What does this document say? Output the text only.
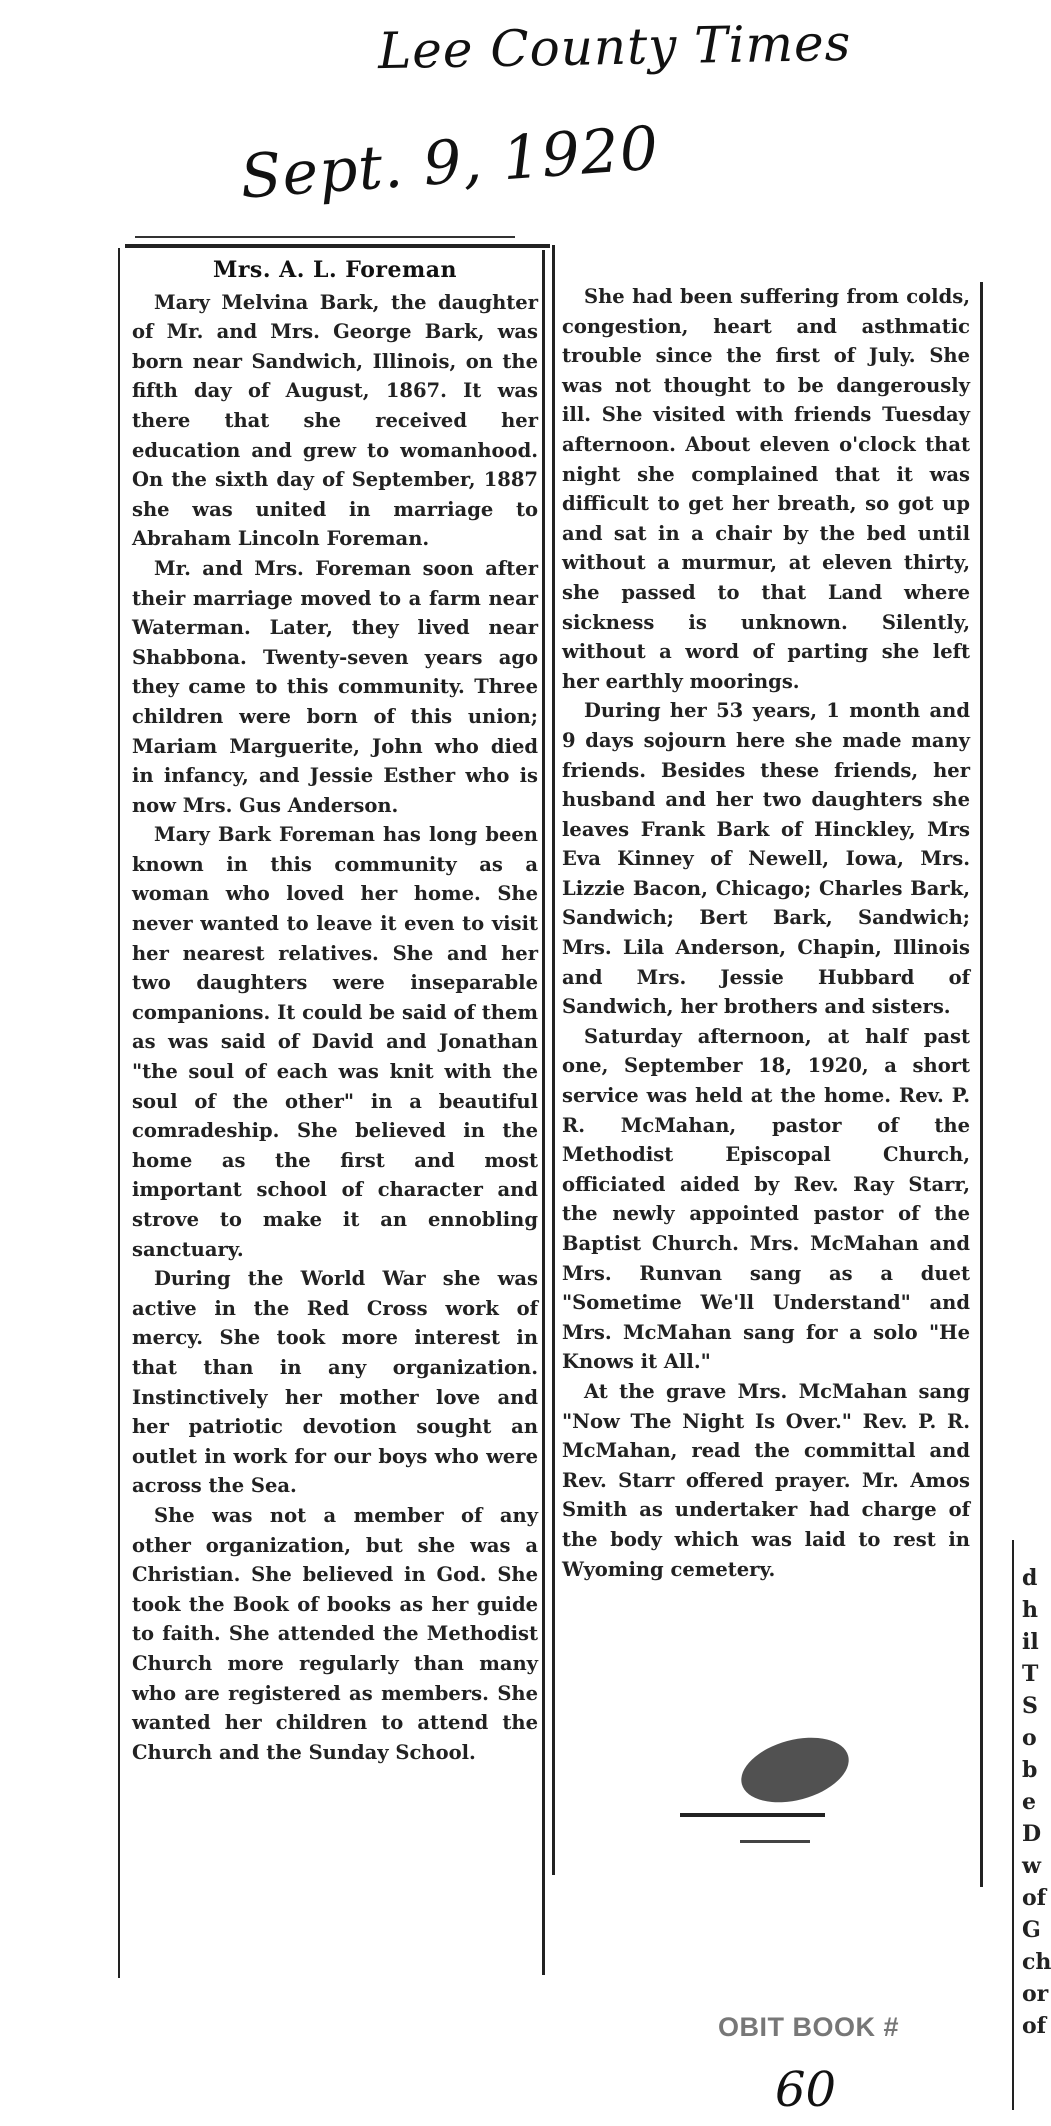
Lee County Times
Sept. 9, 1920

Mrs. A. L. Foreman

Mary Melvina Bark, the daughter of Mr. and Mrs. George Bark, was born near Sandwich, Illinois, on the fifth day of August, 1867. It was there that she received her education and grew to womanhood. On the sixth day of September, 1887 she was united in marriage to Abraham Lincoln Foreman.

Mr. and Mrs. Foreman soon after their marriage moved to a farm near Waterman. Later, they lived near Shabbona. Twenty-seven years ago they came to this community. Three children were born of this union; Mariam Marguerite, John who died in infancy, and Jessie Esther who is now Mrs. Gus Anderson.

Mary Bark Foreman has long been known in this community as a woman who loved her home. She never wanted to leave it even to visit her nearest relatives. She and her two daughters were inseparable companions. It could be said of them as was said of David and Jonathan "the soul of each was knit with the soul of the other" in a beautiful comradeship. She believed in the home as the first and most important school of character and strove to make it an ennobling sanctuary.

During the World War she was active in the Red Cross work of mercy. She took more interest in that than in any organization. Instinctively her mother love and her patriotic devotion sought an outlet in work for our boys who were across the Sea.

She was not a member of any other organization, but she was a Christian. She believed in God. She took the Book of books as her guide to faith. She attended the Methodist Church more regularly than many who are registered as members. She wanted her children to attend the Church and the Sunday School.

She had been suffering from colds, congestion, heart and asthmatic trouble since the first of July. She was not thought to be dangerously ill. She visited with friends Tuesday afternoon. About eleven o'clock that night she complained that it was difficult to get her breath, so got up and sat in a chair by the bed until without a murmur, at eleven thirty, she passed to that Land where sickness is unknown. Silently, without a word of parting she left her earthly moorings.

During her 53 years, 1 month and 9 days sojourn here she made many friends. Besides these friends, her husband and her two daughters she leaves Frank Bark of Hinckley, Mrs Eva Kinney of Newell, Iowa, Mrs. Lizzie Bacon, Chicago; Charles Bark, Sandwich; Bert Bark, Sandwich; Mrs. Lila Anderson, Chapin, Illinois and Mrs. Jessie Hubbard of Sandwich, her brothers and sisters.

Saturday afternoon, at half past one, September 18, 1920, a short service was held at the home. Rev. P. R. McMahan, pastor of the Methodist Episcopal Church, officiated aided by Rev. Ray Starr, the newly appointed pastor of the Baptist Church. Mrs. McMahan and Mrs. Runvan sang as a duet "Sometime We'll Understand" and Mrs. McMahan sang for a solo "He Knows it All."

At the grave Mrs. McMahan sang "Now The Night Is Over." Rev. P. R. McMahan, read the committal and Rev. Starr offered prayer. Mr. Amos Smith as undertaker had charge of the body which was laid to rest in Wyoming cemetery.	d
h
il
T
S
o
b
e
D
w
of
G
ch
or
of
OBIT BOOK #
60
